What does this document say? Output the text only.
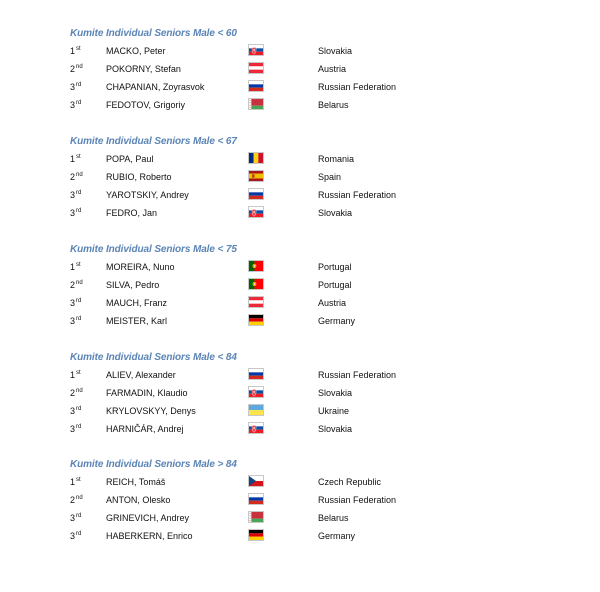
Kumite Individual Seniors Male < 60
1st	MACKO, Peter	Slovakia
2nd	POKORNY, Stefan	Austria
3rd	CHAPANIAN, Zoyrasvok	Russian Federation
3rd	FEDOTOV, Grigoriy	Belarus
Kumite Individual Seniors Male < 67
1st	POPA, Paul	Romania
2nd	RUBIO, Roberto	Spain
3rd	YAROTSKIY, Andrey	Russian Federation
3rd	FEDRO, Jan	Slovakia
Kumite Individual Seniors Male < 75
1st	MOREIRA, Nuno	Portugal
2nd	SILVA, Pedro	Portugal
3rd	MAUCH, Franz	Austria
3rd	MEISTER, Karl	Germany
Kumite Individual Seniors Male < 84
1st	ALIEV, Alexander	Russian Federation
2nd	FARMADIN, Klaudio	Slovakia
3rd	KRYLOVSKYY, Denys	Ukraine
3rd	HARNIČÁR, Andrej	Slovakia
Kumite Individual Seniors Male > 84
1st	REICH, Tomáš	Czech Republic
2nd	ANTON, Olesko	Russian Federation
3rd	GRINEVICH, Andrey	Belarus
3rd	HABERKERN, Enrico	Germany
